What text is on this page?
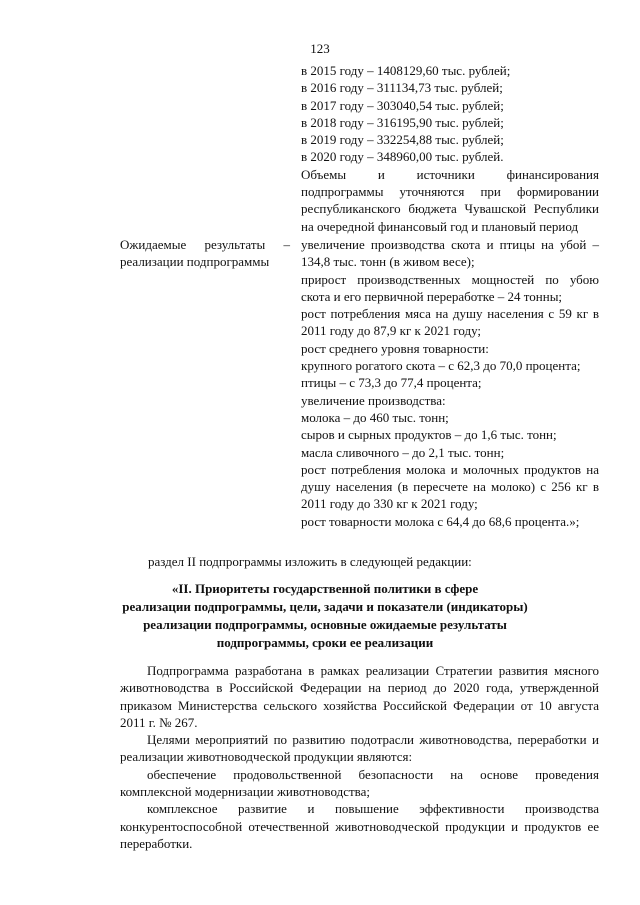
123

в 2015 году – 1408129,60 тыс. рублей;

в 2016 году – 311134,73 тыс. рублей;

в 2017 году – 303040,54 тыс. рублей;

в 2018 году – 316195,90 тыс. рублей;

в 2019 году – 332254,88 тыс. рублей;

в 2020 году – 348960,00 тыс. рублей.

Объемы и источники финансирования подпрограммы уточняются при формировании республиканского бюджета Чувашской Республики на очередной финансовый год и плановый период

Ожидаемые результаты – реализации подпрограммы

увеличение производства скота и птицы на убой – 134,8 тыс. тонн (в живом весе);

прирост производственных мощностей по убою скота и его первичной переработке – 24 тонны;

рост потребления мяса на душу населения с 59 кг в 2011 году до 87,9 кг к 2021 году;

рост среднего уровня товарности:

крупного рогатого скота – с 62,3 до 70,0 процента;

птицы – с 73,3 до 77,4 процента;

увеличение производства:

молока – до 460 тыс. тонн;

сыров и сырных продуктов – до 1,6 тыс. тонн;

масла сливочного – до 2,1 тыс. тонн;

рост потребления молока и молочных продуктов на душу населения (в пересчете на молоко) с 256 кг в 2011 году до 330 кг к 2021 году;

рост товарности молока с 64,4 до 68,6 процента.»;

раздел II подпрограммы изложить в следующей редакции:

«II. Приоритеты государственной политики в сфере

реализации подпрограммы, цели, задачи и показатели (индикаторы)

реализации подпрограммы, основные ожидаемые результаты

подпрограммы, сроки ее реализации

Подпрограмма разработана в рамках реализации Стратегии развития мясного животноводства в Российской Федерации на период до 2020 года, утвержденной приказом Министерства сельского хозяйства Российской Федерации от 10 августа 2011 г. № 267.

Целями мероприятий по развитию подотрасли животноводства, переработки и реализации животноводческой продукции являются:

обеспечение продовольственной безопасности на основе проведения комплексной модернизации животноводства;

комплексное развитие и повышение эффективности производства конкурентоспособной отечественной животноводческой продукции и продуктов ее переработки.
